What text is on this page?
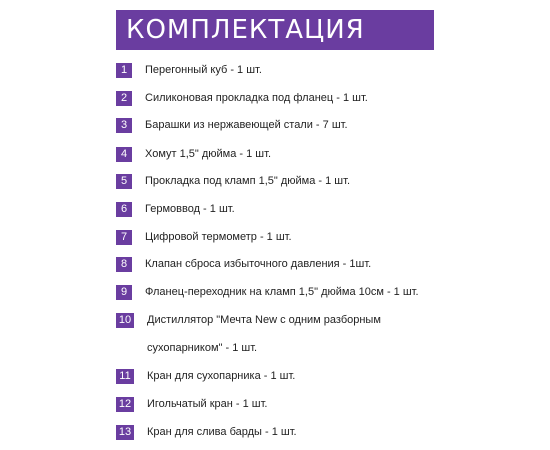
КОМПЛЕКТАЦИЯ
1	Перегонный куб - 1 шт.
2	Силиконовая прокладка под фланец - 1 шт.
3	Барашки из нержавеющей стали - 7 шт.
4	Хомут 1,5" дюйма - 1 шт.
5	Прокладка под кламп 1,5" дюйма - 1 шт.
6	Гермоввод - 1 шт.
7	Цифровой термометр - 1 шт.
8	Клапан сброса избыточного давления - 1шт.
9	Фланец-переходник на кламп 1,5" дюйма 10см - 1 шт.
10 Дистиллятор "Мечта New с одним разборным
сухопарником" - 1 шт.
11 Кран для сухопарника - 1 шт.
12 Игольчатый кран - 1 шт.
13 Кран для слива барды - 1 шт.
